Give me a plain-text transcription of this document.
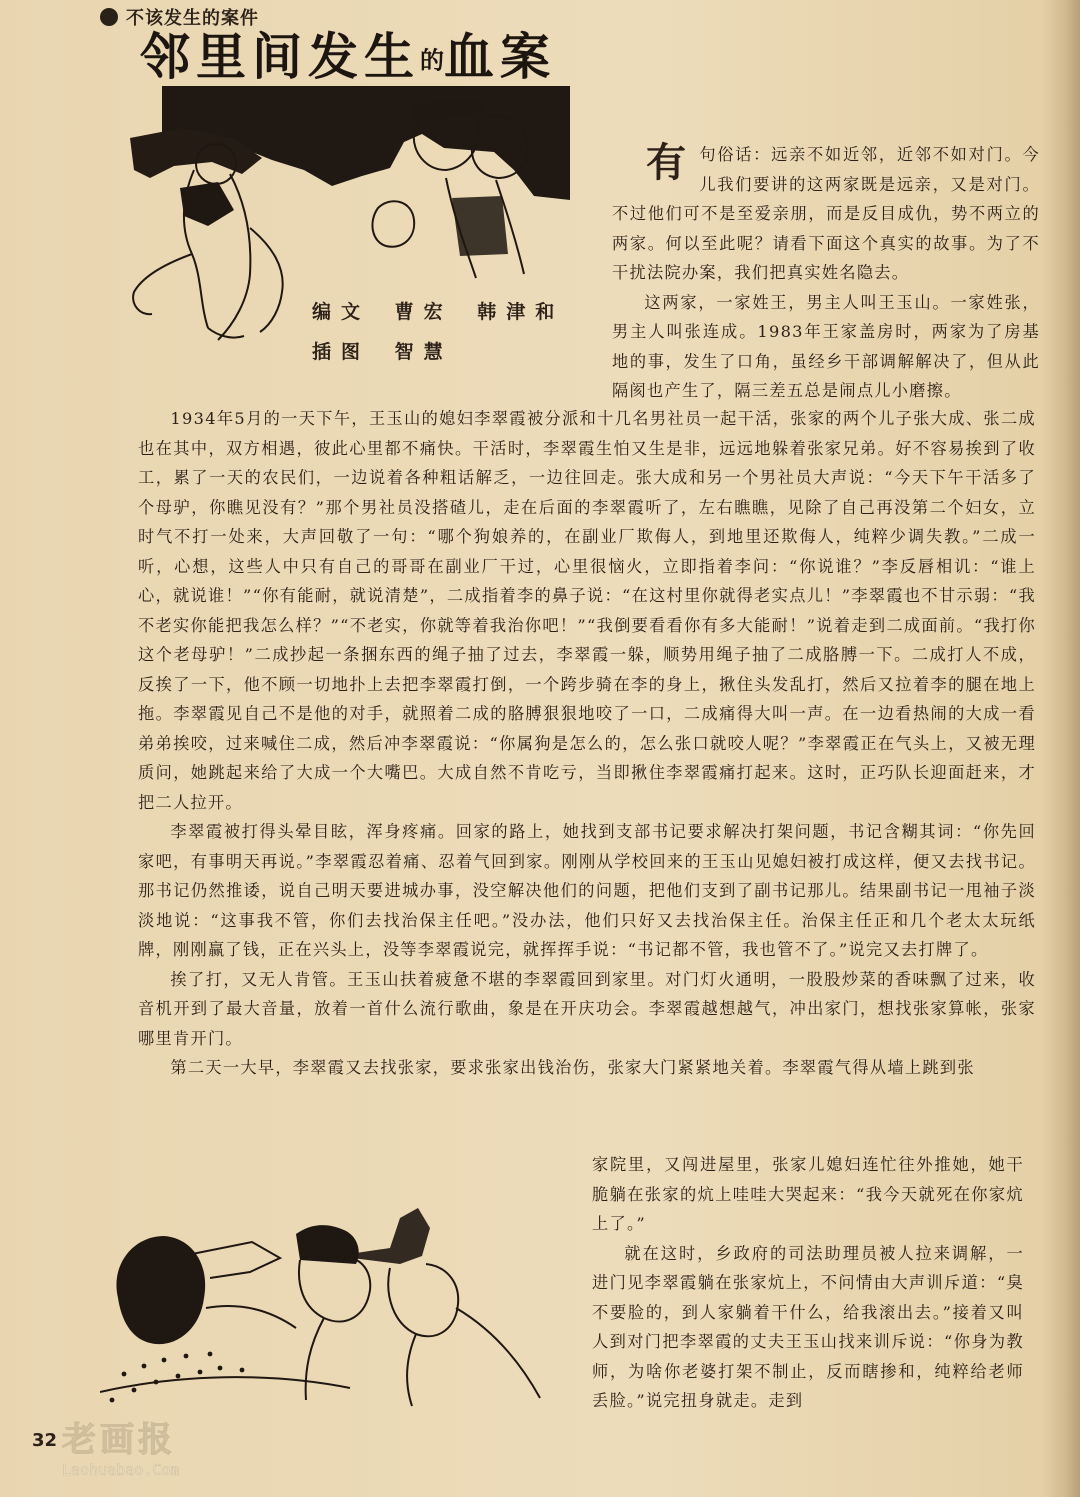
不该发生的案件
邻里间发生的血案
编文 曹宏 韩津和
插图 智慧
有 句俗话：远亲不如近邻，近邻不如对门。今儿我们要讲的这两家既是远亲，又是对门。不过他们可不是至爱亲朋，而是反目成仇，势不两立的两家。何以至此呢？请看下面这个真实的故事。为了不干扰法院办案，我们把真实姓名隐去。

这两家，一家姓王，男主人叫王玉山。一家姓张，男主人叫张连成。1983年王家盖房时，两家为了房基地的事，发生了口角，虽经乡干部调解解决了，但从此隔阂也产生了，隔三差五总是闹点儿小磨擦。

1934年5月的一天下午，王玉山的媳妇李翠霞被分派和十几名男社员一起干活，张家的两个儿子张大成、张二成也在其中，双方相遇，彼此心里都不痛快。干活时，李翠霞生怕又生是非，远远地躲着张家兄弟。好不容易挨到了收工，累了一天的农民们，一边说着各种粗话解乏，一边往回走。张大成和另一个男社员大声说：“今天下午干活多了个母驴，你瞧见没有？”那个男社员没搭碴儿，走在后面的李翠霞听了，左右瞧瞧，见除了自己再没第二个妇女，立时气不打一处来，大声回敬了一句：“哪个狗娘养的，在副业厂欺侮人，到地里还欺侮人，纯粹少调失教。”二成一听，心想，这些人中只有自己的哥哥在副业厂干过，心里很恼火，立即指着李问：“你说谁？”李反唇相讥：“谁上心，就说谁！”“你有能耐，就说清楚”，二成指着李的鼻子说：“在这村里你就得老实点儿！”李翠霞也不甘示弱：“我不老实你能把我怎么样？”“不老实，你就等着我治你吧！”“我倒要看看你有多大能耐！”说着走到二成面前。“我打你这个老母驴！”二成抄起一条捆东西的绳子抽了过去，李翠霞一躲，顺势用绳子抽了二成胳膊一下。二成打人不成，反挨了一下，他不顾一切地扑上去把李翠霞打倒，一个跨步骑在李的身上，揪住头发乱打，然后又拉着李的腿在地上拖。李翠霞见自己不是他的对手，就照着二成的胳膊狠狠地咬了一口，二成痛得大叫一声。在一边看热闹的大成一看弟弟挨咬，过来喊住二成，然后冲李翠霞说：“你属狗是怎么的，怎么张口就咬人呢？”李翠霞正在气头上，又被无理质问，她跳起来给了大成一个大嘴巴。大成自然不肯吃亏，当即揪住李翠霞痛打起来。这时，正巧队长迎面赶来，才把二人拉开。

李翠霞被打得头晕目眩，浑身疼痛。回家的路上，她找到支部书记要求解决打架问题，书记含糊其词：“你先回家吧，有事明天再说。”李翠霞忍着痛、忍着气回到家。刚刚从学校回来的王玉山见媳妇被打成这样，便又去找书记。那书记仍然推诿，说自己明天要进城办事，没空解决他们的问题，把他们支到了副书记那儿。结果副书记一甩袖子淡淡地说：“这事我不管，你们去找治保主任吧。”没办法，他们只好又去找治保主任。治保主任正和几个老太太玩纸牌，刚刚赢了钱，正在兴头上，没等李翠霞说完，就挥挥手说：“书记都不管，我也管不了。”说完又去打牌了。

挨了打，又无人肯管。王玉山扶着疲惫不堪的李翠霞回到家里。对门灯火通明，一股股炒菜的香味飘了过来，收音机开到了最大音量，放着一首什么流行歌曲，象是在开庆功会。李翠霞越想越气，冲出家门，想找张家算帐，张家哪里肯开门。

第二天一大早，李翠霞又去找张家，要求张家出钱治伤，张家大门紧紧地关着。李翠霞气得从墙上跳到张

家院里，又闯进屋里，张家儿媳妇连忙往外推她，她干脆躺在张家的炕上哇哇大哭起来：“我今天就死在你家炕上了。”

就在这时，乡政府的司法助理员被人拉来调解，一进门见李翠霞躺在张家炕上，不问情由大声训斥道：“臭不要脸的，到人家躺着干什么，给我滚出去。”接着又叫人到对门把李翠霞的丈夫王玉山找来训斥说：“你身为教师，为啥你老婆打架不制止，反而瞎掺和，纯粹给老师丢脸。”说完扭身就走。走到

32 老画报
Laohuabao.Com
